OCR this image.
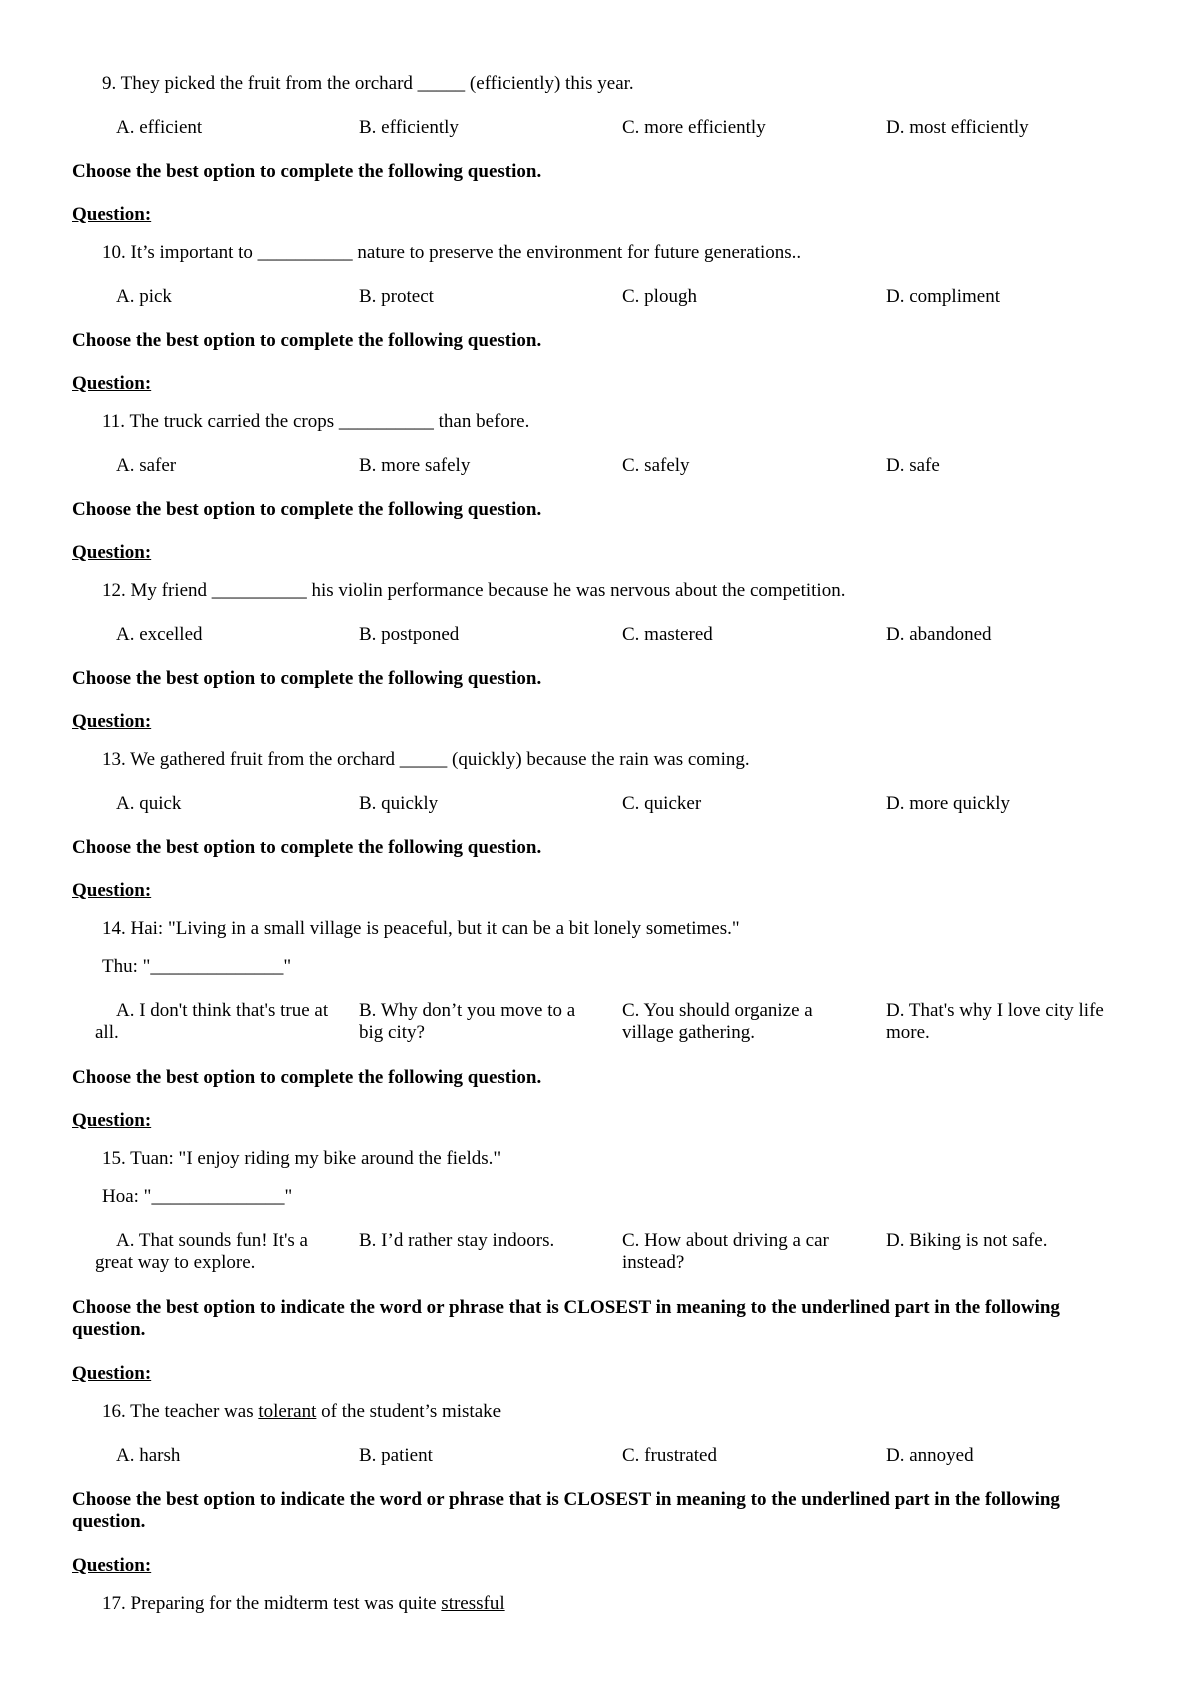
9. They picked the fruit from the orchard _____ (efficiently) this year.
A. efficient	B. efficiently	C. more efficiently	D. most efficiently
Choose the best option to complete the following question.
Question:
10. It’s important to __________ nature to preserve the environment for future generations..
A. pick	B. protect	C. plough	D. compliment
Choose the best option to complete the following question.
Question:
11. The truck carried the crops __________ than before.
A. safer	B. more safely	C. safely	D. safe
Choose the best option to complete the following question.
Question:
12. My friend __________ his violin performance because he was nervous about the competition.
A. excelled	B. postponed	C. mastered	D. abandoned
Choose the best option to complete the following question.
Question:
13. We gathered fruit from the orchard _____ (quickly) because the rain was coming.
A. quick	B. quickly	C. quicker	D. more quickly
Choose the best option to complete the following question.
Question:
14. Hai: "Living in a small village is peaceful, but it can be a bit lonely sometimes."
Thu: "______________"
A. I don't think that's true at all.
B. Why don’t you move to a big city?
C. You should organize a village gathering.
D. That's why I love city life more.
Choose the best option to complete the following question.
Question:
15. Tuan: "I enjoy riding my bike around the fields."
Hoa: "______________"
A. That sounds fun! It's a great way to explore.
B. I’d rather stay indoors.	C. How about driving a car instead?
D. Biking is not safe.
Choose the best option to indicate the word or phrase that is CLOSEST in meaning to the underlined part in the following question.
Question:
16. The teacher was tolerant of the student’s mistake
A. harsh	B. patient	C. frustrated	D. annoyed
Choose the best option to indicate the word or phrase that is CLOSEST in meaning to the underlined part in the following question.
Question:
17. Preparing for the midterm test was quite stressful
